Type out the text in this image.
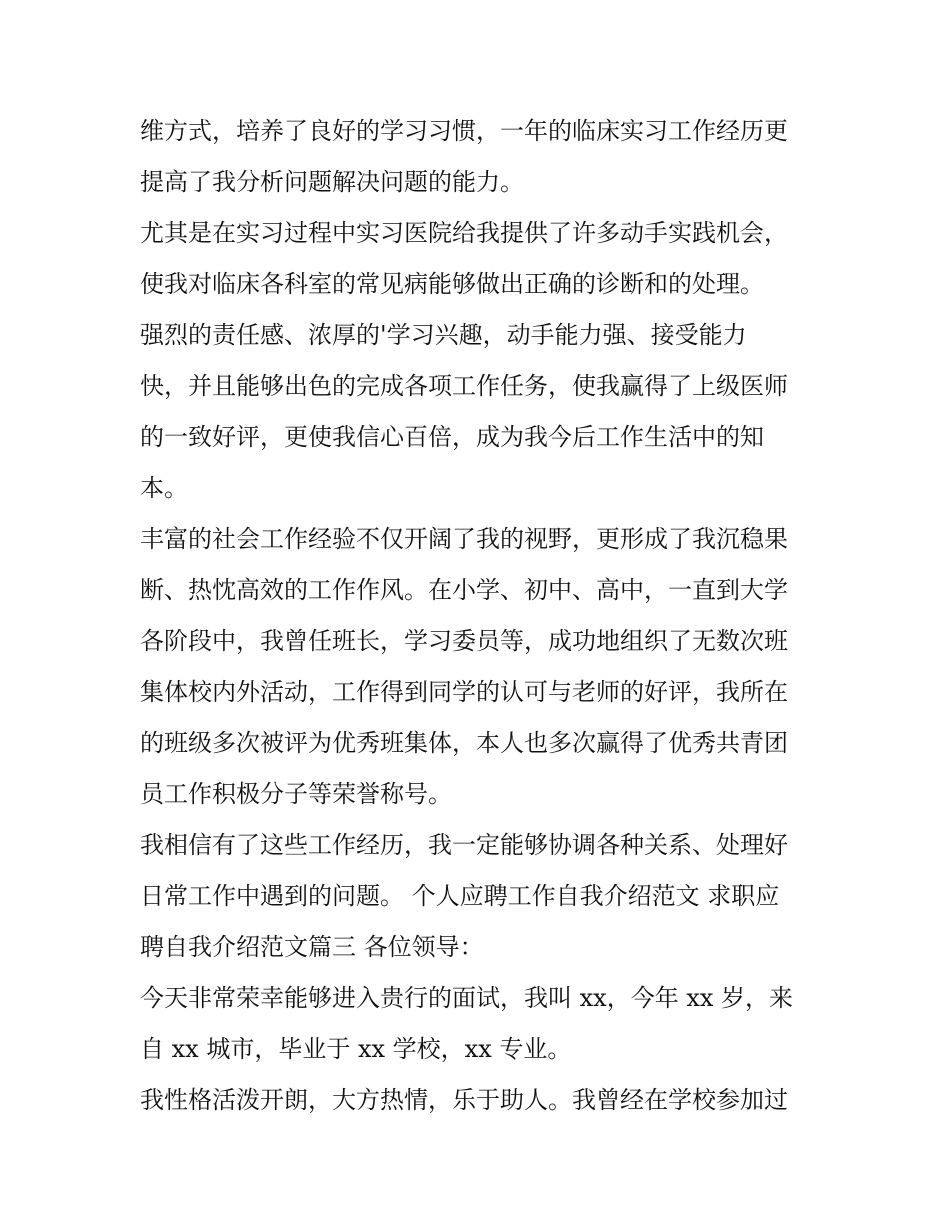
维方式，培养了良好的学习习惯，一年的临床实习工作经历更
提高了我分析问题解决问题的能力。
尤其是在实习过程中实习医院给我提供了许多动手实践机会，
使我对临床各科室的常见病能够做出正确的诊断和的处理。
强烈的责任感、浓厚的'学习兴趣，动手能力强、接受能力
快，并且能够出色的完成各项工作任务，使我赢得了上级医师
的一致好评，更使我信心百倍，成为我今后工作生活中的知
本。
丰富的社会工作经验不仅开阔了我的视野，更形成了我沉稳果
断、热忱高效的工作作风。在小学、初中、高中，一直到大学
各阶段中，我曾任班长，学习委员等，成功地组织了无数次班
集体校内外活动，工作得到同学的认可与老师的好评，我所在
的班级多次被评为优秀班集体，本人也多次赢得了优秀共青团
员工作积极分子等荣誉称号。
我相信有了这些工作经历，我一定能够协调各种关系、处理好
日常工作中遇到的问题。 个人应聘工作自我介绍范文 求职应
聘自我介绍范文篇三 各位领导：
今天非常荣幸能够进入贵行的面试，我叫 xx，今年 xx 岁，来
自 xx 城市，毕业于 xx 学校，xx 专业。
我性格活泼开朗，大方热情，乐于助人。我曾经在学校参加过
